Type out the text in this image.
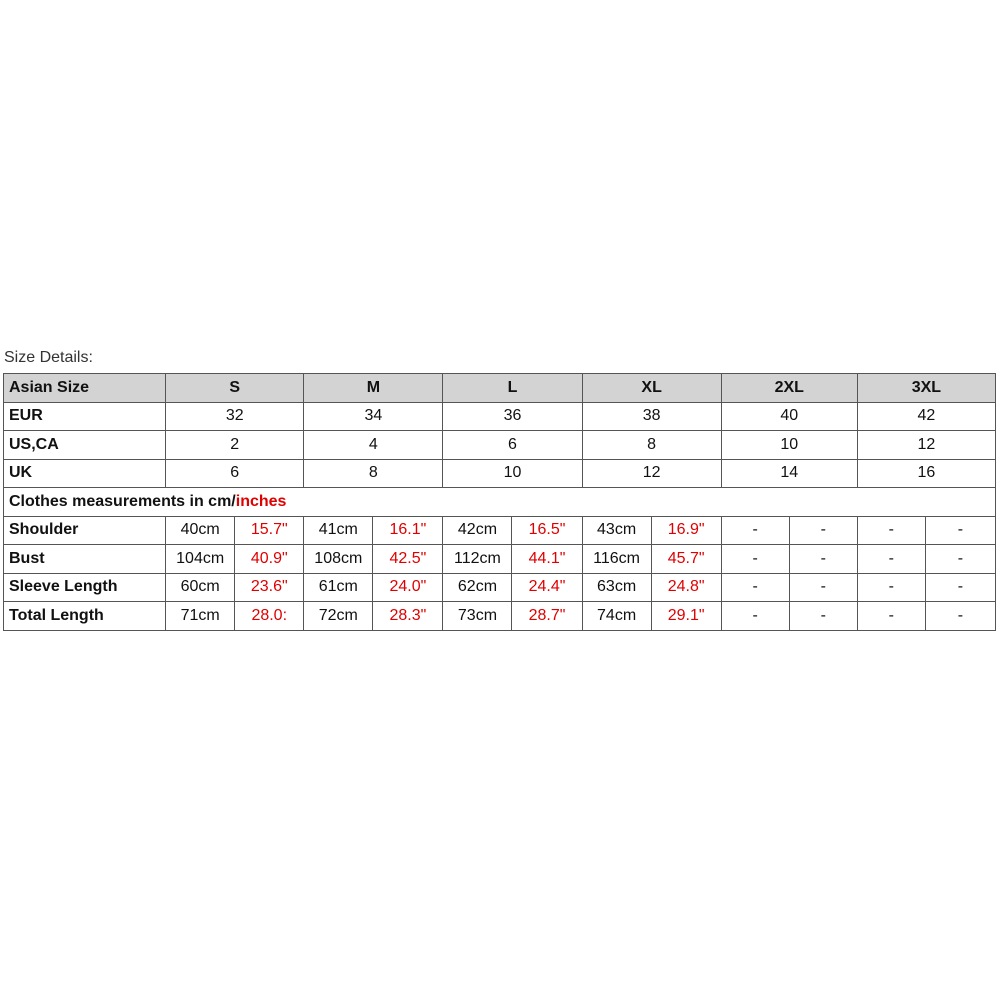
Size Details:
Asian Size	S		M		L		XL		2XL		3XL	
EUR	32		34		36		38		40		42	
US,CA	2		4		6		8		10		12	
UK	6		8		10		12		14		16	
Clothes measurements in cm/inches												
Shoulder	40cm	15.7"	41cm	16.1"	42cm	16.5"	43cm	16.9"	-	-	-	-
Bust	104cm	40.9"	108cm	42.5"	112cm	44.1"	116cm	45.7"	-	-	-	-
Sleeve Length	60cm	23.6"	61cm	24.0"	62cm	24.4"	63cm	24.8"	-	-	-	-
Total Length	71cm	28.0:	72cm	28.3"	73cm	28.7"	74cm	29.1"	-	-	-	-
